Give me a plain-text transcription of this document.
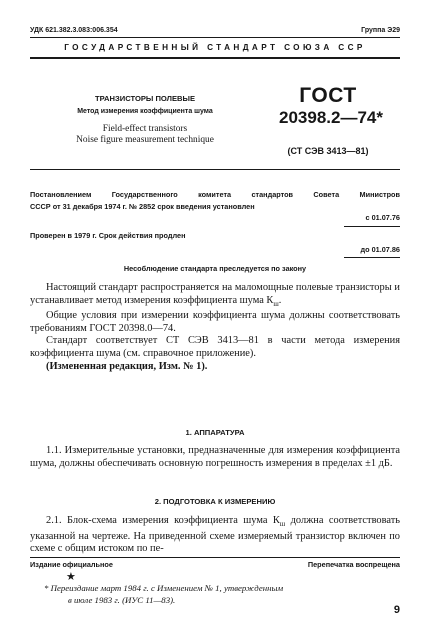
УДК 621.382.3.083:006.354	Группа Э29
ГОСУДАРСТВЕННЫЙ СТАНДАРТ СОЮЗА ССР
ТРАНЗИСТОРЫ ПОЛЕВЫЕ
Метод измерения коэффициента шума
Field-effect transistors
Noise figure measurement technique
ГОСТ
20398.2—74*
(СТ СЭВ 3413—81)
Постановлением Государственного комитета стандартов Совета Министров
СССР от 31 декабря 1974 г. № 2852 срок введения установлен
с 01.07.76
Проверен в 1979 г. Срок действия продлен
до 01.07.86
Несоблюдение стандарта преследуется по закону

Настоящий стандарт распространяется на маломощные полевые транзисторы и устанавливает метод измерения коэффициента шума $К_ш$.

Общие условия при измерении коэффициента шума должны соответствовать требованиям ГОСТ 20398.0—74.

Стандарт соответствует СТ СЭВ 3413—81 в части метода измерения коэффициента шума (см. справочное приложение).

(Измененная редакция, Изм. № 1).

1. АППАРАТУРА

1.1. Измерительные установки, предназначенные для измерения коэффициента шума, должны обеспечивать основную погрешность измерения в пределах ±1 дБ.

2. ПОДГОТОВКА К ИЗМЕРЕНИЮ

2.1. Блок-схема измерения коэффициента шума $К_ш$ должна соответствовать указанной на чертеже. На приведенной схеме измеряемый транзистор включен по схеме с общим истоком по пе-

Издание официальное	Перепечатка воспрещена
★
* Переиздание март 1984 г. с Изменением № 1, утвержденным
в июле 1983 г. (ИУС 11—83).
9
